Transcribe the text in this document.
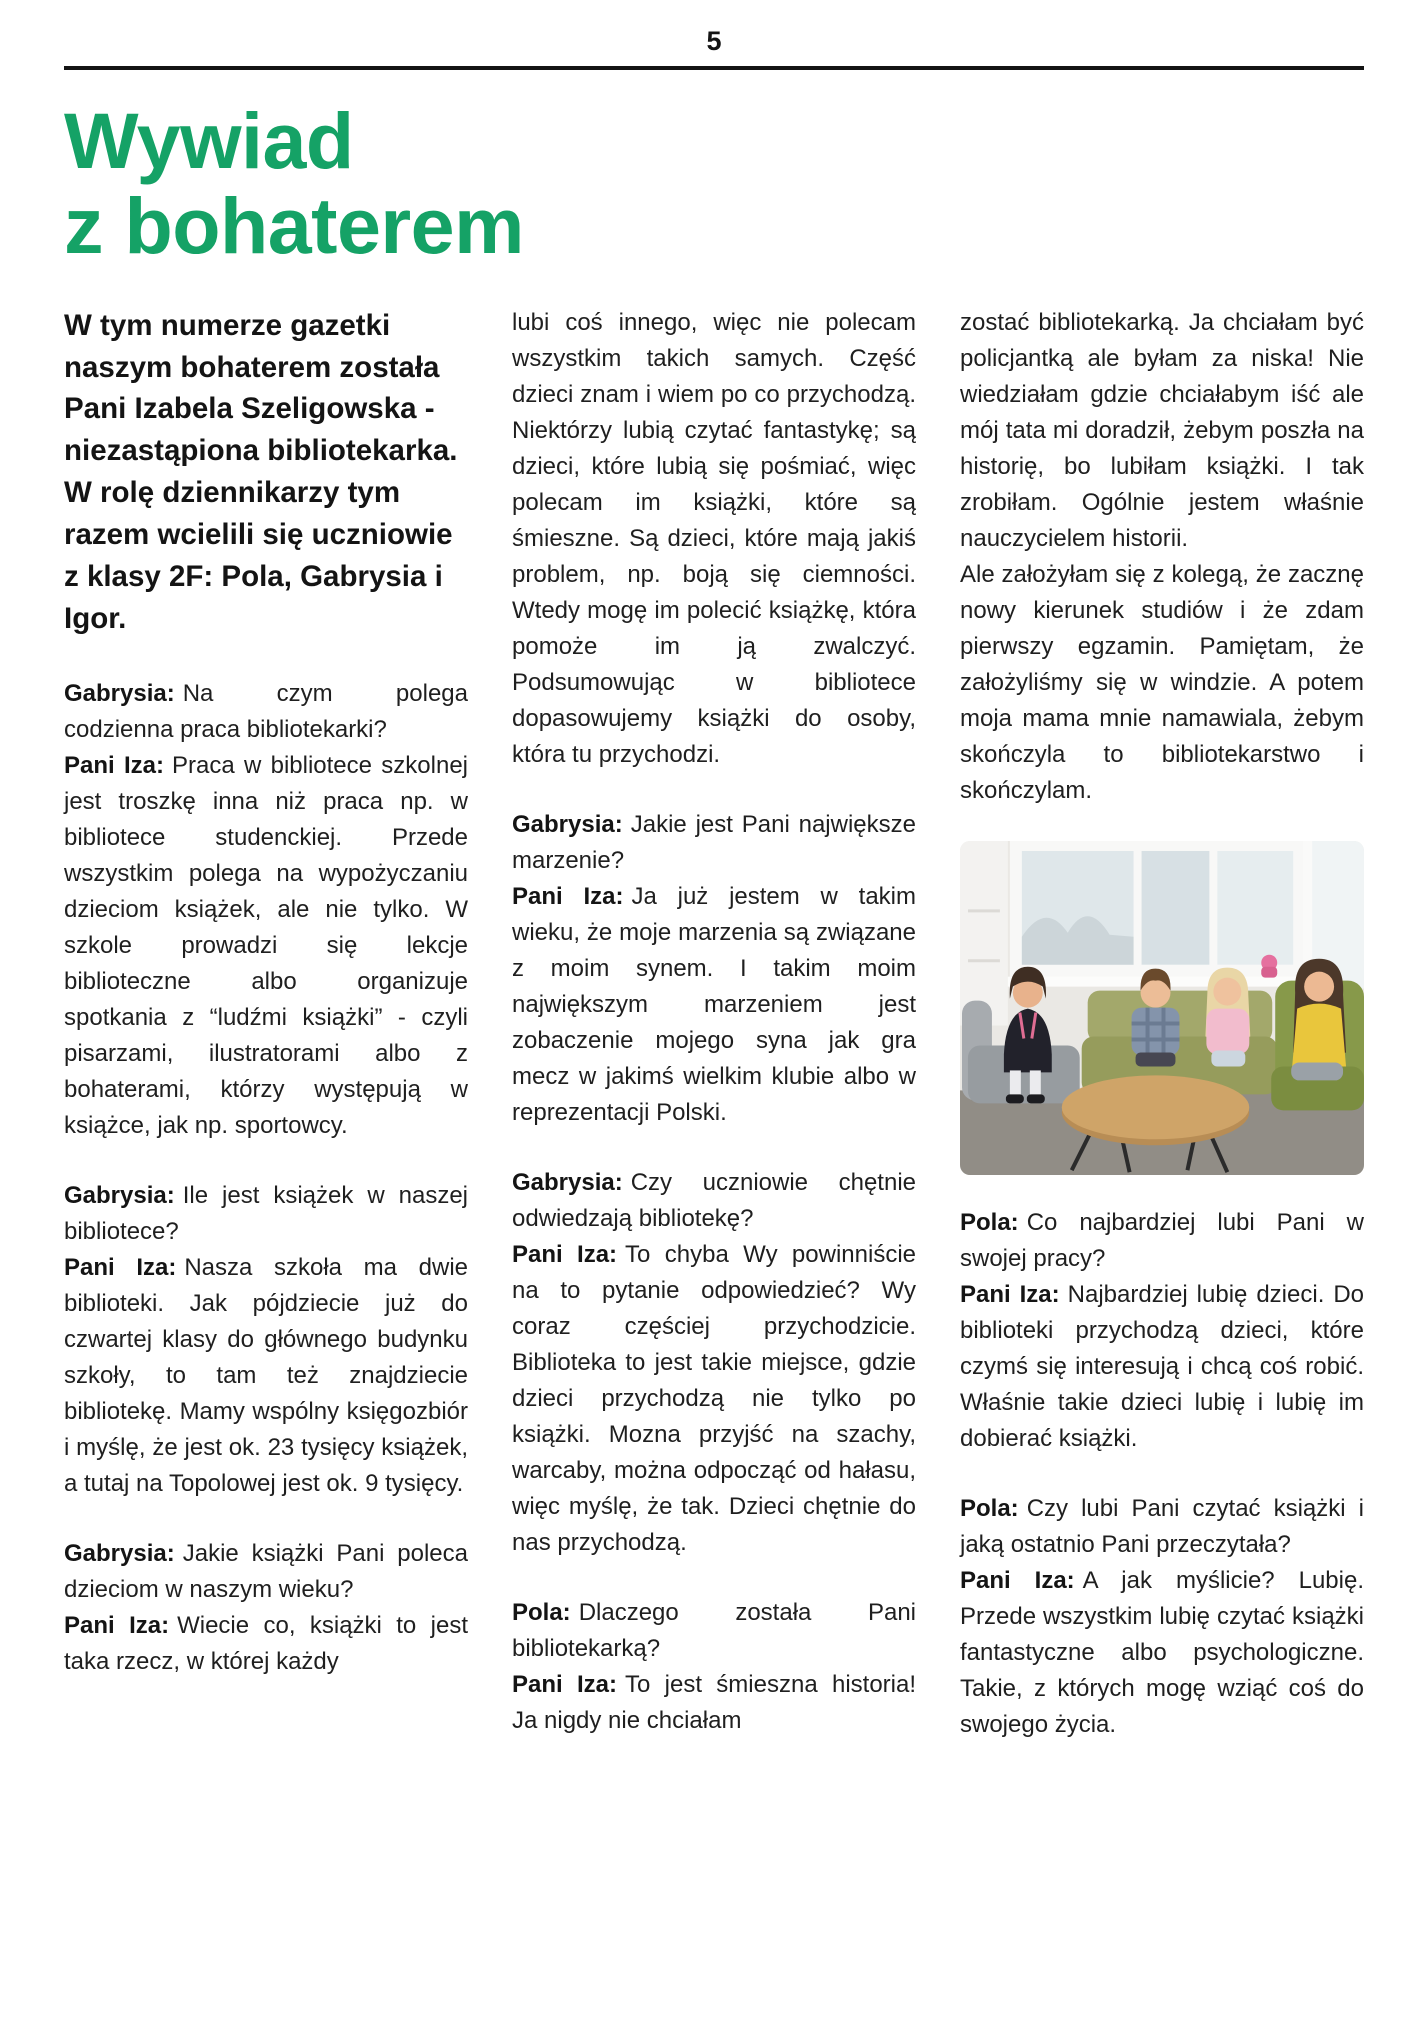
5
Wywiad
z bohaterem

W tym numerze gazetki naszym bohaterem została Pani Izabela Szeligowska - niezastąpiona bibliotekarka. W rolę dziennikarzy tym razem wcielili się uczniowie z klasy 2F: Pola, Gabrysia i Igor.

Gabrysia: Na czym polega codzienna praca bibliotekarki?

Pani Iza: Praca w bibliotece szkolnej jest troszkę inna niż praca np. w bibliotece studenckiej. Przede wszystkim polega na wypożyczaniu dzieciom książek, ale nie tylko. W szkole prowadzi się lekcje biblioteczne albo organizuje spotkania z “ludźmi książki” - czyli pisarzami, ilustratorami albo z bohaterami, którzy występują w książce, jak np. sportowcy.

Gabrysia: Ile jest książek w naszej bibliotece?

Pani Iza: Nasza szkoła ma dwie biblioteki. Jak pójdziecie już do czwartej klasy do głównego budynku szkoły, to tam też znajdziecie bibliotekę. Mamy wspólny księgozbiór i myślę, że jest ok. 23 tysięcy książek, a tutaj na Topolowej jest ok. 9 tysięcy.

Gabrysia: Jakie książki Pani poleca dzieciom w naszym wieku?

Pani Iza: Wiecie co, książki to jest taka rzecz, w której każdy

lubi coś innego, więc nie polecam wszystkim takich samych. Część dzieci znam i wiem po co przychodzą. Niektórzy lubią czytać fantastykę; są dzieci, które lubią się pośmiać, więc polecam im książki, które są śmieszne. Są dzieci, które mają jakiś problem, np. boją się ciemności. Wtedy mogę im polecić książkę, która pomoże im ją zwalczyć. Podsumowując w bibliotece dopasowujemy książki do osoby, która tu przychodzi.

Gabrysia: Jakie jest Pani największe marzenie?

Pani Iza: Ja już jestem w takim wieku, że moje marzenia są związane z moim synem. I takim moim największym marzeniem jest zobaczenie mojego syna jak gra mecz w jakimś wielkim klubie albo w reprezentacji Polski.

Gabrysia: Czy uczniowie chętnie odwiedzają bibliotekę?

Pani Iza: To chyba Wy powinniście na to pytanie odpowiedzieć? Wy coraz częściej przychodzicie. Biblioteka to jest takie miejsce, gdzie dzieci przychodzą nie tylko po książki. Mozna przyjść na szachy, warcaby, można odpocząć od hałasu, więc myślę, że tak. Dzieci chętnie do nas przychodzą.

Pola: Dlaczego została Pani bibliotekarką?

Pani Iza: To jest śmieszna historia! Ja nigdy nie chciałam

zostać bibliotekarką. Ja chciałam być policjantką ale byłam za niska! Nie wiedziałam gdzie chciałabym iść ale mój tata mi doradził, żebym poszła na historię, bo lubiłam książki. I tak zrobiłam. Ogólnie jestem właśnie nauczycielem historii.

Ale założyłam się z kolegą, że zacznę nowy kierunek studiów i że zdam pierwszy egzamin. Pamiętam, że założyliśmy się w windzie. A potem moja mama mnie namawiala, żebym skończyla to bibliotekarstwo i skończylam.

Pola: Co najbardziej lubi Pani w swojej pracy?

Pani Iza: Najbardziej lubię dzieci. Do biblioteki przychodzą dzieci, które czymś się interesują i chcą coś robić. Właśnie takie dzieci lubię i lubię im dobierać książki.

Pola: Czy lubi Pani czytać książki i jaką ostatnio Pani przeczytała?

Pani Iza: A jak myślicie? Lubię. Przede wszystkim lubię czytać książki fantastyczne albo psychologiczne. Takie, z których mogę wziąć coś do swojego życia.
